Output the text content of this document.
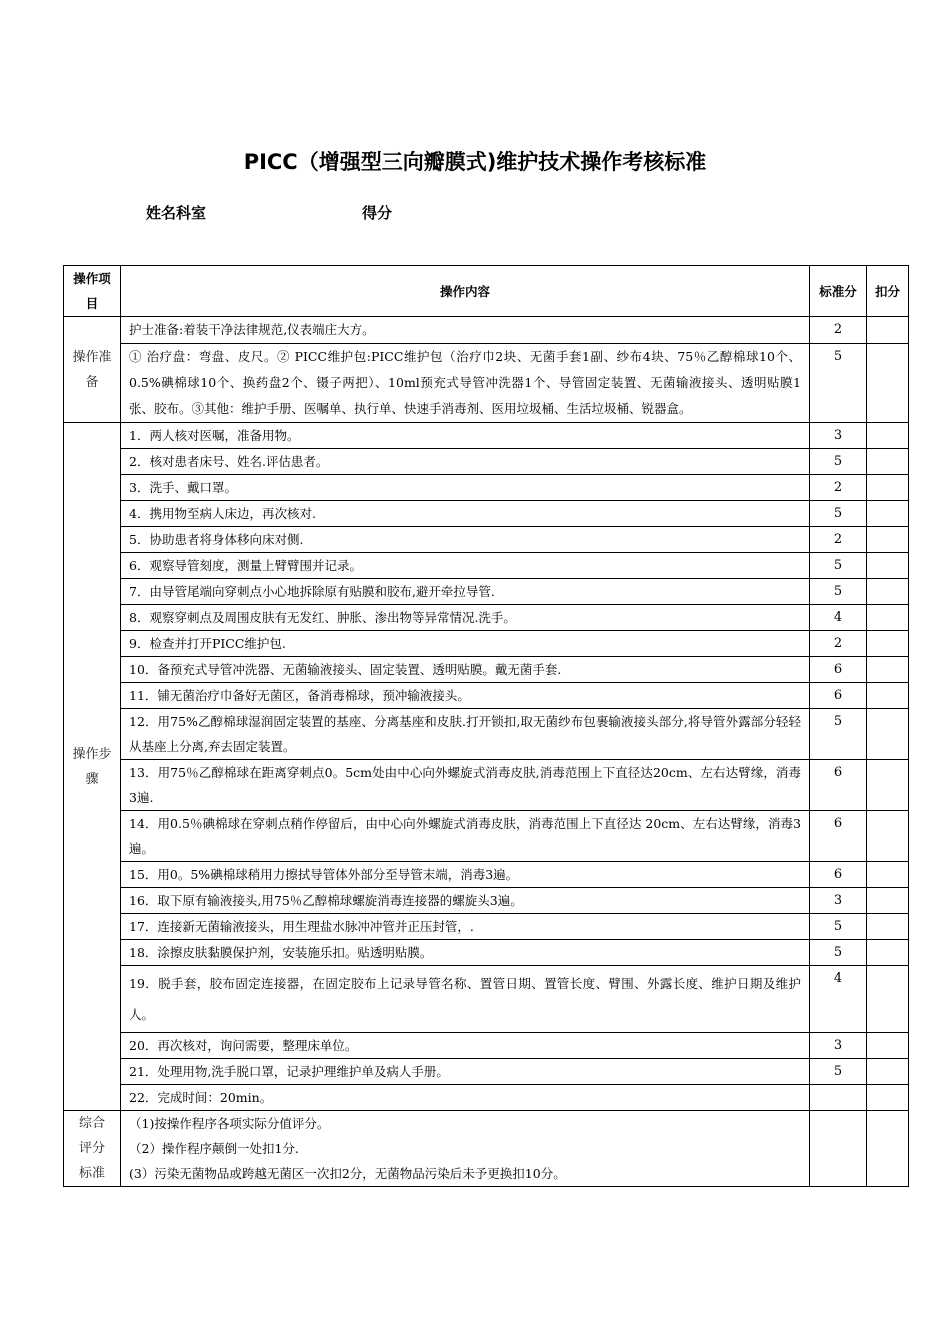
PICC（增强型三向瓣膜式)维护技术操作考核标准
姓名科室	得分
操作项目	操作内容	标准分	扣分
操作准备	护士准备:着装干净法律规范,仪表端庄大方。	2	
	① 治疗盘：弯盘、皮尺。② PICC维护包:PICC维护包（治疗巾2块、无菌手套1副、纱布4块、75％乙醇棉球10个、0.5%碘棉球10个、换药盘2个、镊子两把）、10ml预充式导管冲洗器1个、导管固定装置、无菌输液接头、透明贴膜1张、胶布。③其他：维护手册、医嘱单、执行单、快速手消毒剂、医用垃圾桶、生活垃圾桶、锐器盒。	5	
操作步骤	1．两人核对医嘱，准备用物。	3	
	2．核对患者床号、姓名.评估患者。	5	
	3．洗手、戴口罩。	2	
	4．携用物至病人床边，再次核对.	5	
	5．协助患者将身体移向床对侧.	2	
	6．观察导管刻度，测量上臂臂围并记录。	5	
	7．由导管尾端向穿刺点小心地拆除原有贴膜和胶布,避开牵拉导管.	5	
	8．观察穿刺点及周围皮肤有无发红、肿胀、渗出物等异常情况.洗手。	4	
	9．检查并打开PICC维护包.	2	
	10．备预充式导管冲洗器、无菌输液接头、固定装置、透明贴膜。戴无菌手套.	6	
	11．铺无菌治疗巾备好无菌区，备消毒棉球，预冲输液接头。	6	
	12．用75%乙醇棉球湿润固定装置的基座、分离基座和皮肤.打开锁扣,取无菌纱布包裹输液接头部分,将导管外露部分轻轻从基座上分离,弃去固定装置。	5	
	13．用75％乙醇棉球在距离穿刺点0。5cm处由中心向外螺旋式消毒皮肤,消毒范围上下直径达20cm、左右达臂缘，消毒3遍.	6	
	14．用0.5％碘棉球在穿刺点稍作停留后，由中心向外螺旋式消毒皮肤，消毒范围上下直径达 20cm、左右达臂缘，消毒3遍。	6	
	15．用0。5%碘棉球稍用力擦拭导管体外部分至导管末端，消毒3遍。	6	
	16．取下原有输液接头,用75％乙醇棉球螺旋消毒连接器的螺旋头3遍。	3	
	17．连接新无菌输液接头，用生理盐水脉冲冲管并正压封管，.	5	
	18．涂擦皮肤黏膜保护剂，安装施乐扣。贴透明贴膜。	5	
	19．脱手套，胶布固定连接器，在固定胶布上记录导管名称、置管日期、置管长度、臂围、外露长度、维护日期及维护人。	4	
	20．再次核对，询问需要，整理床单位。	3	
	21．处理用物,洗手脱口罩，记录护理维护单及病人手册。	5	
	22．完成时间：20min。		
综合评分标准	（1)按操作程序各项实际分值评分。
（2）操作程序颠倒一处扣1分.
(3）污染无菌物品或跨越无菌区一次扣2分，无菌物品污染后未予更换扣10分。		
